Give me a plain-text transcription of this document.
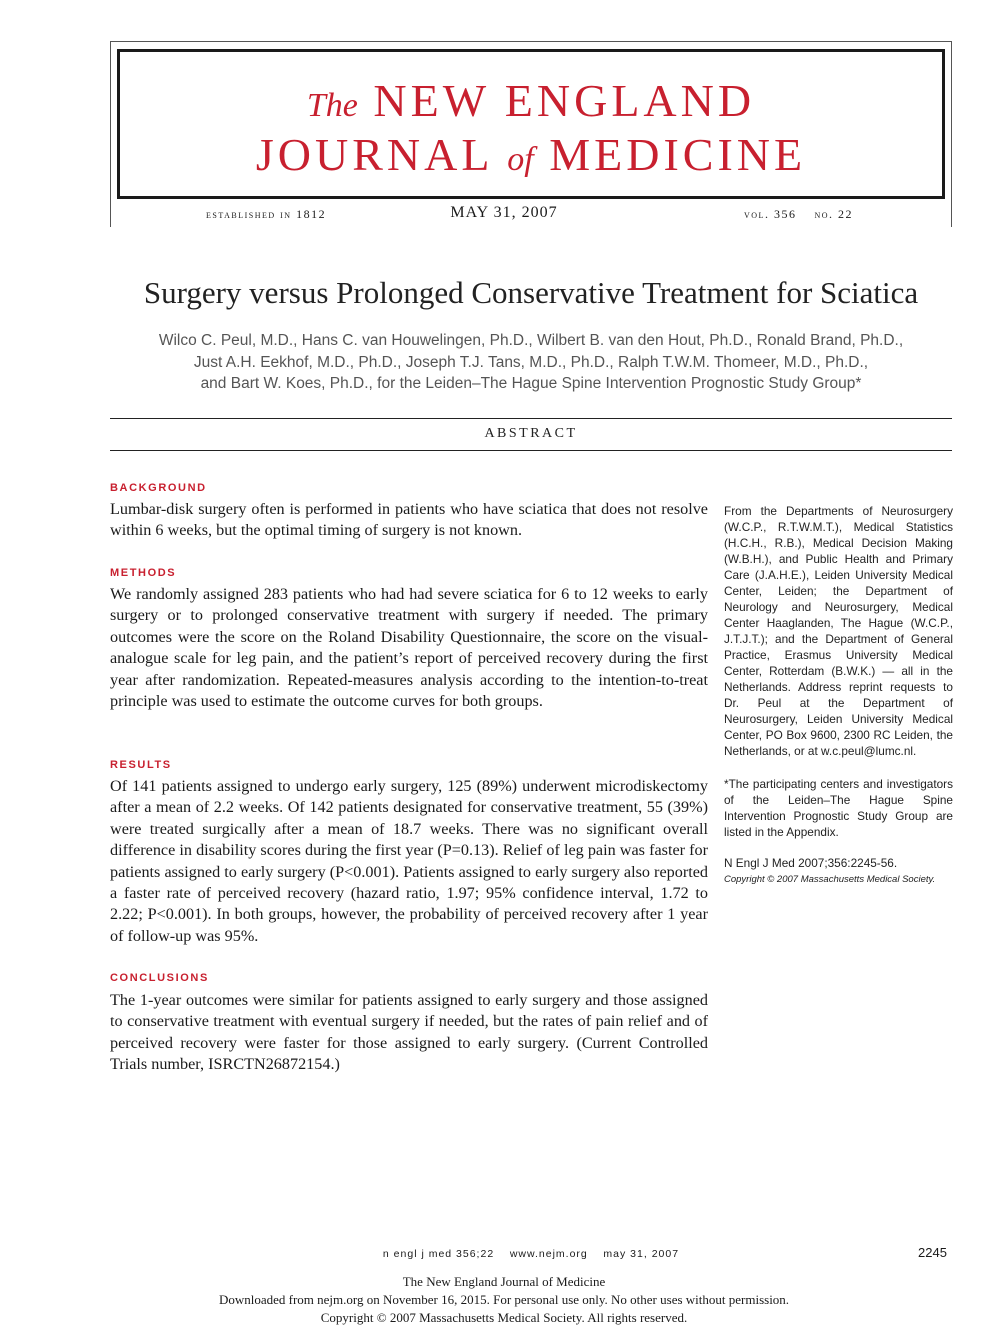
The NEW ENGLAND
JOURNAL of MEDICINE
established in 1812	MAY 31, 2007	vol. 356 no. 22
Surgery versus Prolonged Conservative Treatment for Sciatica
Wilco C. Peul, M.D., Hans C. van Houwelingen, Ph.D., Wilbert B. van den Hout, Ph.D., Ronald Brand, Ph.D.,
Just A.H. Eekhof, M.D., Ph.D., Joseph T.J. Tans, M.D., Ph.D., Ralph T.W.M. Thomeer, M.D., Ph.D.,
and Bart W. Koes, Ph.D., for the Leiden–The Hague Spine Intervention Prognostic Study Group*
ABSTRACT
BACKGROUND
Lumbar-disk surgery often is performed in patients who have sciatica that does not resolve within 6 weeks, but the optimal timing of surgery is not known.
METHODS
We randomly assigned 283 patients who had had severe sciatica for 6 to 12 weeks to early surgery or to prolonged conservative treatment with surgery if needed. The primary outcomes were the score on the Roland Disability Questionnaire, the score on the visual-analogue scale for leg pain, and the patient’s report of perceived recovery during the first year after randomization. Repeated-measures analysis according to the intention-to-treat principle was used to estimate the outcome curves for both groups.
RESULTS
Of 141 patients assigned to undergo early surgery, 125 (89%) underwent microdiskectomy after a mean of 2.2 weeks. Of 142 patients designated for conservative treatment, 55 (39%) were treated surgically after a mean of 18.7 weeks. There was no significant overall difference in disability scores during the first year (P=0.13). Relief of leg pain was faster for patients assigned to early surgery (P<0.001). Patients assigned to early surgery also reported a faster rate of perceived recovery (hazard ratio, 1.97; 95% confidence interval, 1.72 to 2.22; P<0.001). In both groups, however, the probability of perceived recovery after 1 year of follow-up was 95%.
CONCLUSIONS
The 1-year outcomes were similar for patients assigned to early surgery and those assigned to conservative treatment with eventual surgery if needed, but the rates of pain relief and of perceived recovery were faster for those assigned to early surgery. (Current Controlled Trials number, ISRCTN26872154.)
From the Departments of Neurosurgery (W.C.P., R.T.W.M.T.), Medical Statistics (H.C.H., R.B.), Medical Decision Making (W.B.H.), and Public Health and Primary Care (J.A.H.E.), Leiden University Medical Center, Leiden; the Department of Neurology and Neurosurgery, Medical Center Haaglanden, The Hague (W.C.P., J.T.J.T.); and the Department of General Practice, Erasmus University Medical Center, Rotterdam (B.W.K.) — all in the Netherlands. Address reprint requests to Dr. Peul at the Department of Neurosurgery, Leiden University Medical Center, PO Box 9600, 2300 RC Leiden, the Netherlands, or at w.c.peul@lumc.nl.
*The participating centers and investigators of the Leiden–The Hague Spine Intervention Prognostic Study Group are listed in the Appendix.
N Engl J Med 2007;356:2245-56.
Copyright © 2007 Massachusetts Medical Society.
n engl j med 356;22    www.nejm.org    may 31, 2007	2245
The New England Journal of Medicine
Downloaded from nejm.org on November 16, 2015. For personal use only. No other uses without permission.
Copyright © 2007 Massachusetts Medical Society. All rights reserved.
